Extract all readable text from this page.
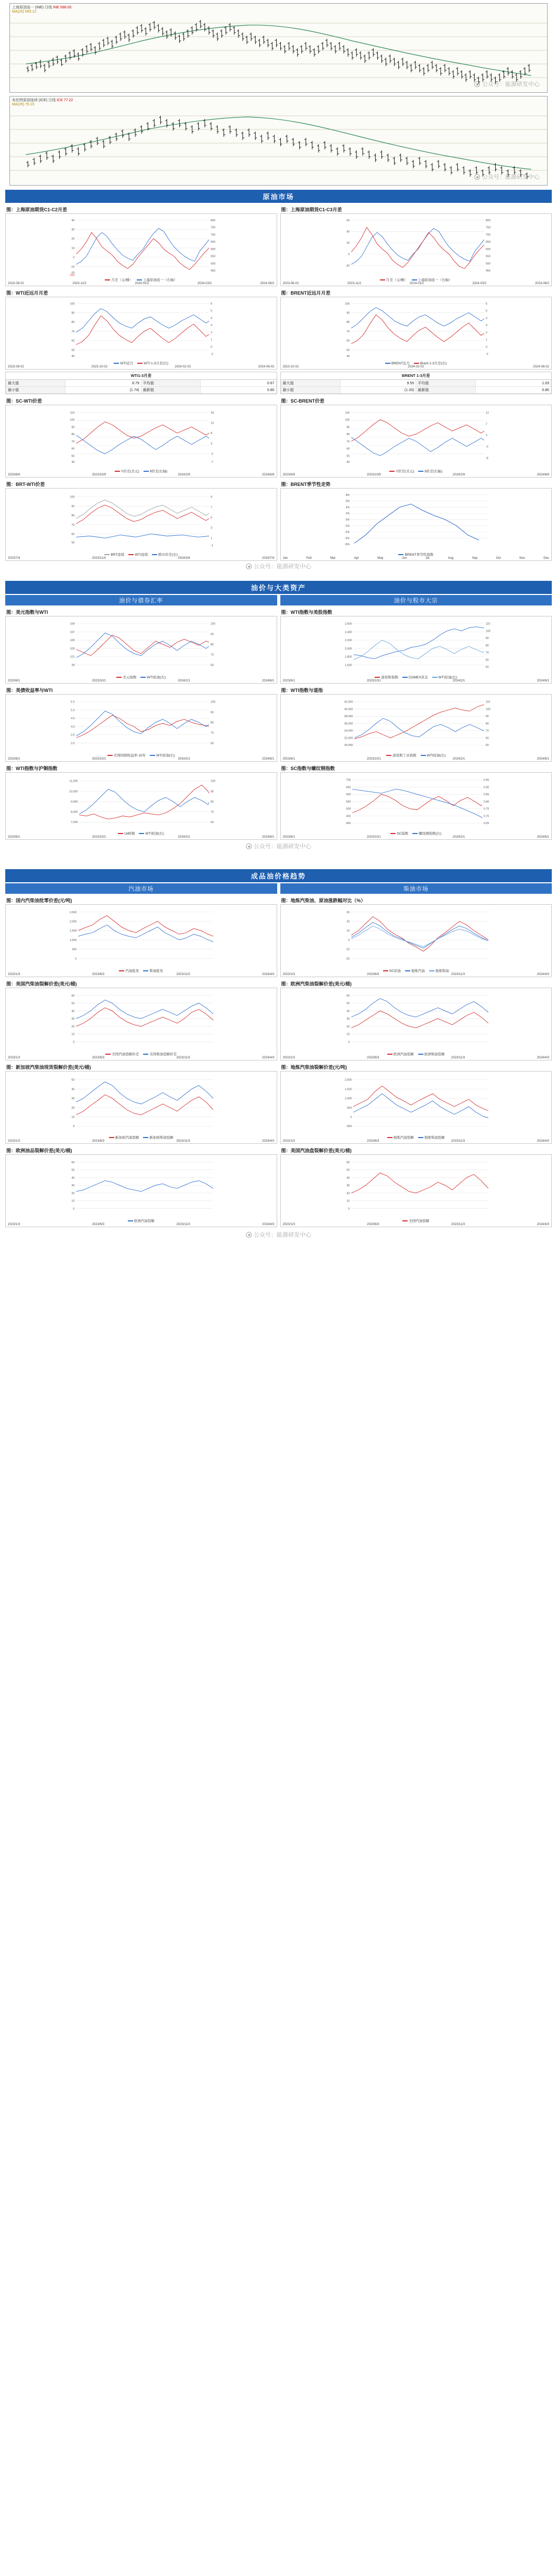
上海原油连一 (INE) 日线 INE 588.00
MA(20) 593.12
公众号：能源研发中心
布伦特原油连续 (ICE) 日线 ICE 77.22
MA(20) 79.15
公众号：能源研发中心
原油市场
图：上海原油期货C1-C2月差
40
30
20
10
0
-10
-20
800
750
700
650
600
550
500
450
(30)
月差（元/桶）	上海原油连一（右轴）
2023-06-02	2023-11/2	2024-01/2	2024-03/2	2024-06/2
图：上海原油期货C1-C3月差
60
40
20
0
-20
800
750
700
650
600
550
500
450
月差（元/桶）	上海原油连一（右轴）
2023-06-02	2023-11/2	2024-01/2	2024-03/2	2024-06/2
图：WTI近远月月差
100
90
80
70
60
50
40
6
5
4
3
2
1
0
-2
WTI近月	WTI 1-3月差(右)
2023-06-02	2023-10-02	2024-02-02	2024-06-02
图：BRENT近远月月差
100
90
80
70
60
50
40
6
5
4
3
2
1
0
-2
BRENT近月	Brent 1-3月差(右)
2023-10-02	2024-02-02	2024-06-02
WTI1-3月差
最大值	8.79	平均值	0.67
最小值	(1.74)	最新值	0.80
BRENT 1-3月差
最大值	9.55	平均值	1.03
最小值	(1.33)	最新值	0.80
图：SC-WTI价差
110
100
90
80
70
60
50
40
18
13
8
3
-2
-7
Y价差(美元)	9价差(右轴)
2023/6/9	2023/10/9	2024/2/9	2024/6/9
图：SC-BRENT价差
110
100
90
80
70
60
50
40
12
7
2
-3
-8
Y价差(美元)	9价差(右轴)
2023/6/9	2023/10/9	2024/2/9	2024/6/9
图：BRT-WTI价差
100
90
80
70
60
50
9
7
5
3
1
-1
BRT连续	WTI连续	跨市价差(右)
2023/7/4	2023/11/4	2024/3/4	2024/7/4
图：BRENT季节性走势
8%
6%
4%
2%
0%
-2%
-4%
-6%
-8%
BRENT季节性指数
Jan	Feb	Mar	Apr	May	Jun	Jul	Aug	Sep	Oct	Nov	Dec
公众号：能源研发中心
油价与大类资产
油价与债券汇率	油价与股市大宗
图：美元指数与WTI
109
107
105
103
101
99
100
90
80
70
60
美元指数	WTI原油(右)
2023/6/1	2023/10/1	2024/2/1	2024/6/1
图：WTI指数与美股指数
2,600
2,400
2,200
2,000
1,800
1,600
110
100
90
80
70
60
50
道琼斯指数	COMEX黄金	WTI原油(右)
2023/6/1	2023/10/1	2024/2/1	2024/6/1
图：美债收益率与WTI
5.5
5.0
4.5
4.0
3.5
3.0
100
90
80
70
60
美国国债收益率-10年	WTI原油(右)
2023/6/1	2023/10/1	2024/2/1	2024/6/1
图：WTI指数与道指
42,000
40,000
38,000
36,000
34,000
32,000
30,000
110
100
90
80
70
60
50
道琼斯工业指数	WTI原油(右)
2023/6/1	2023/10/1	2024/2/1	2024/6/1
图：WTI指数与沪铜指数
11,000
10,000
9,000
8,000
7,000
100
90
80
70
60
LME铜	WTI原油(右)
2023/6/1	2023/10/1	2024/2/1	2024/6/1
图：SC指数与螺纹钢指数
700
650
600
550
500
450
400
0.95
0.90
0.85
0.80
0.75
0.70
0.65
SC指数	螺纹钢指数(右)
2023/6/1	2023/10/1	2024/2/1	2024/6/1
公众号：能源研发中心
成品油价格趋势
汽油市场	柴油市场
图：国内汽柴油批零价差(元/吨)
2,500
2,000
1,500
1,000
500
0
汽油批发	柴油批发
2023/1/3	2023/6/3	2023/11/3	2024/4/3
图：地炼汽柴油、原油涨跌幅对比（%）
30
20
10
0
-10
-20
SC原油	地炼汽油	地炼柴油
2023/1/3	2023/6/3	2023/11/3	2024/4/3
图：美国汽柴油裂解价差(美元/桶)
60
50
40
30
20
10
0
美国汽油裂解价差	美国柴油裂解价差
2023/1/3	2023/6/3	2023/11/3	2024/4/3
图：欧洲汽柴油裂解价差(美元/桶)
60
50
40
30
20
10
0
欧洲汽油裂解	欧洲柴油裂解
2023/1/3	2023/6/3	2023/11/3	2024/4/3
图：新加坡汽柴油现货裂解价差(美元/桶)
50
40
30
20
10
0
新加坡汽油裂解	新加坡柴油裂解
2023/1/3	2023/6/3	2023/11/3	2024/4/3
图：地炼汽柴油裂解价差(元/吨)
2,000
1,500
1,000
500
0
-500
地炼汽油裂解	地炼柴油裂解
2023/1/3	2023/6/3	2023/11/3	2024/4/3
图：欧洲油品裂解价差(美元/桶)
60
50
40
30
20
10
0
欧洲汽油裂解
2023/1/3	2023/6/3	2023/11/3	2024/4/3
图：美国汽油盘裂解价差(美元/桶)
60
50
40
30
20
10
0
美国汽油裂解
2023/1/3	2023/6/3	2023/11/3	2024/4/3
公众号：能源研发中心
